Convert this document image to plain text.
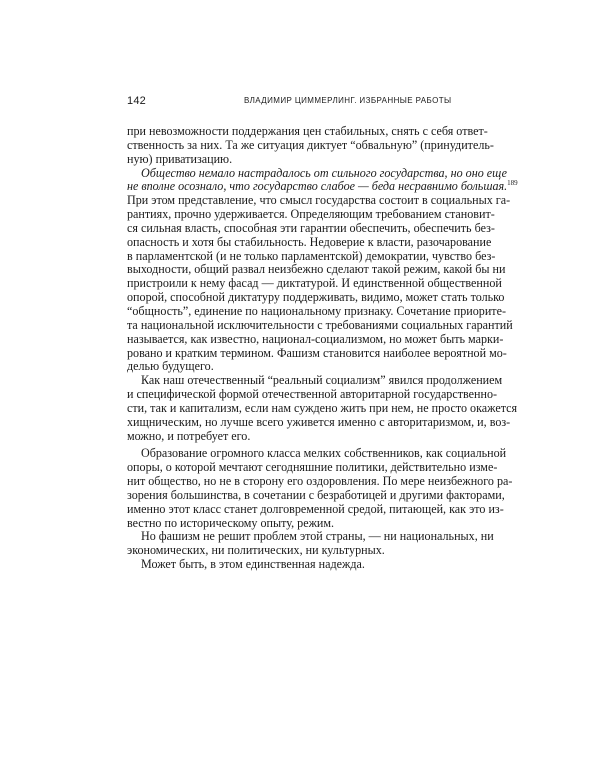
142	ВЛАДИМИР ЦИММЕРЛИНГ. ИЗБРАННЫЕ РАБОТЫ

при невозможности поддержания цен стабильных, снять с себя ответ-
ственность за них. Та же ситуация диктует “обвальную” (принудитель-
ную) приватизацию.

Общество немало настрадалось от сильного государства, но оно еще
не вполне осознало, что государство слабое — беда несравнимо большая.$^{189}$
При этом представление, что смысл государства состоит в социальных га-
рантиях, прочно удерживается. Определяющим требованием становит-
ся сильная власть, способная эти гарантии обеспечить, обеспечить без-
опасность и хотя бы стабильность. Недоверие к власти, разочарование
в парламентской (и не только парламентской) демократии, чувство без-
выходности, общий развал неизбежно сделают такой режим, какой бы ни
пристроили к нему фасад — диктатурой. И единственной общественной
опорой, способной диктатуру поддерживать, видимо, может стать только
“общность”, единение по национальному признаку. Сочетание приорите-
та национальной исключительности с требованиями социальных гарантий
называется, как известно, национал-социализмом, но может быть марки-
ровано и кратким термином. Фашизм становится наиболее вероятной мо-
делью будущего.

Как наш отечественный “реальный социализм” явился продолжением
и специфической формой отечественной авторитарной государственно-
сти, так и капитализм, если нам суждено жить при нем, не просто окажется
хищническим, но лучше всего уживется именно с авторитаризмом, и, воз-
можно, и потребует его.

Образование огромного класса мелких собственников, как социальной
опоры, о которой мечтают сегодняшние политики, действительно изме-
нит общество, но не в сторону его оздоровления. По мере неизбежного ра-
зорения большинства, в сочетании с безработицей и другими факторами,
именно этот класс станет долговременной средой, питающей, как это из-
вестно по историческому опыту, режим.

Но фашизм не решит проблем этой страны, — ни национальных, ни
экономических, ни политических, ни культурных.

Может быть, в этом единственная надежда.
